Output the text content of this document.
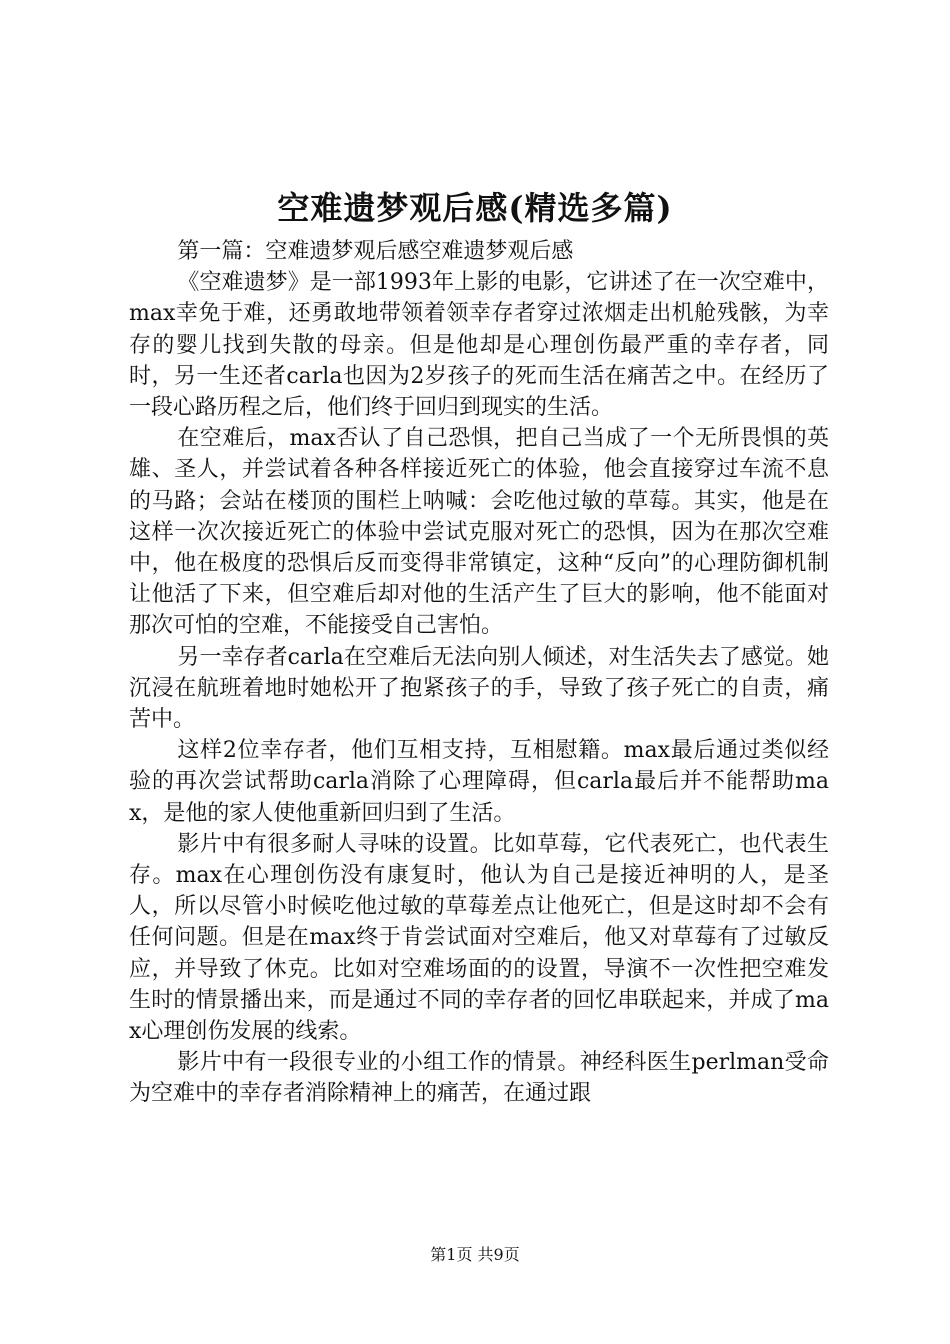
空难遗梦观后感(精选多篇)

第一篇：空难遗梦观后感空难遗梦观后感

《空难遗梦》是一部1993年上影的电影，它讲述了在一次空难中，max幸免于难，还勇敢地带领着领幸存者穿过浓烟走出机舱残骸，为幸存的婴儿找到失散的母亲。但是他却是心理创伤最严重的幸存者，同时，另一生还者carla也因为2岁孩子的死而生活在痛苦之中。在经历了一段心路历程之后，他们终于回归到现实的生活。

在空难后，max否认了自己恐惧，把自己当成了一个无所畏惧的英雄、圣人，并尝试着各种各样接近死亡的体验，他会直接穿过车流不息的马路；会站在楼顶的围栏上呐喊：会吃他过敏的草莓。其实，他是在这样一次次接近死亡的体验中尝试克服对死亡的恐惧，因为在那次空难中，他在极度的恐惧后反而变得非常镇定，这种“反向”的心理防御机制让他活了下来，但空难后却对他的生活产生了巨大的影响，他不能面对那次可怕的空难，不能接受自己害怕。

另一幸存者carla在空难后无法向别人倾述，对生活失去了感觉。她沉浸在航班着地时她松开了抱紧孩子的手，导致了孩子死亡的自责，痛苦中。

这样2位幸存者，他们互相支持，互相慰籍。max最后通过类似经验的再次尝试帮助carla消除了心理障碍，但carla最后并不能帮助max，是他的家人使他重新回归到了生活。

影片中有很多耐人寻味的设置。比如草莓，它代表死亡，也代表生存。max在心理创伤没有康复时，他认为自己是接近神明的人，是圣人，所以尽管小时候吃他过敏的草莓差点让他死亡，但是这时却不会有任何问题。但是在max终于肯尝试面对空难后，他又对草莓有了过敏反应，并导致了休克。比如对空难场面的的设置，导演不一次性把空难发生时的情景播出来，而是通过不同的幸存者的回忆串联起来，并成了max心理创伤发展的线索。

影片中有一段很专业的小组工作的情景。神经科医生perlman受命为空难中的幸存者消除精神上的痛苦，在通过跟

第1页 共9页
